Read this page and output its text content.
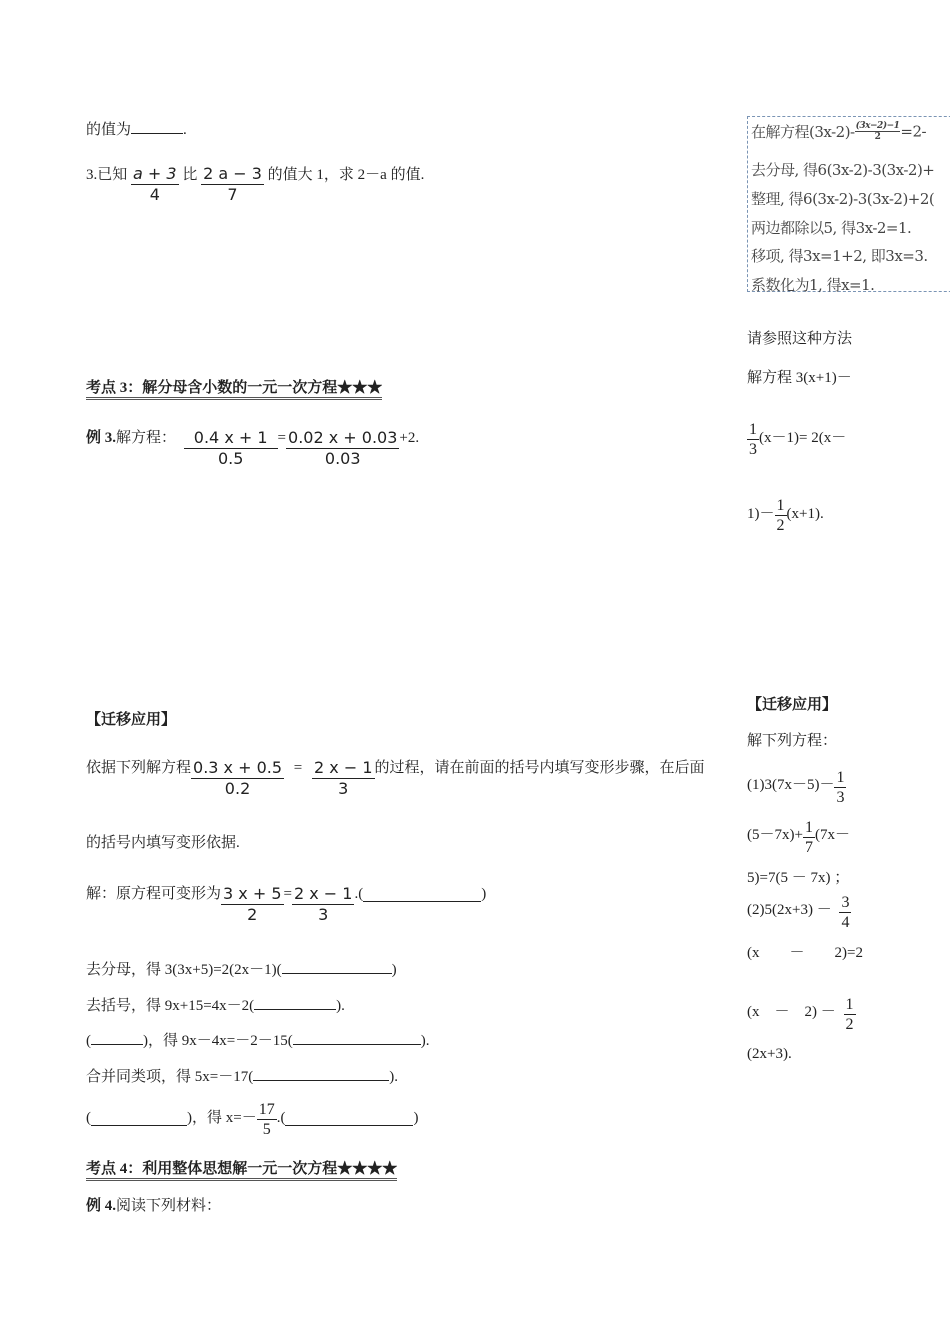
的值为	.
3.已知 $\frac{a + 3}{4}$ 比 $\frac{2 a - 3}{7}$ 的值大 1，求 2－a 的值.
考点 3：解分母含小数的一元一次方程★★★
例 3.解方程： $\frac{0.4 x + 1}{0.5} = \frac{0.02 x + 0.03}{0.03} +2$.
【迁移应用】
依据下列解方程 $\frac{0.3 x + 0.5}{0.2} = \frac{2 x - 1}{3}$ 的过程，请在前面的括号内填写变形步骤，在后面
的括号内填写变形依据.
解：原方程可变形为 $\frac{3 x + 5}{2} = \frac{2 x - 1}{3}$ .(	)
去分母，得 3(3x+5)=2(2x－1)(	)
去括号，得 9x+15=4x－2(	).
(	)，得 9x－4x=－2－15(	).
合并同类项，得 5x=－17(	).
(	)，得 $x=- \frac{17}{5}$ .(	)
考点 4：利用整体思想解一元一次方程★★★★
例 4.阅读下列材料：
在解方程$(3x-2)- \frac{(3x-2)-1}{2} =2-$
去分母, 得6(3x-2)-3(3x-2)+
整理, 得6(3x-2)-3(3x-2)+2(
两边都除以5, 得3x-2=1.
移项, 得3x=1+2, 即3x=3.
系数化为1, 得x=1.
请参照这种方法
解方程 3(x+1)－
$\frac{1}{3} (x-1)= 2(x-$
$1)- \frac{1}{2} (x+1)$.
【迁移应用】
解下列方程：
$(1)3(7x-5)- \frac{1}{3}$
$(5-7x)+ \frac{1}{7} (7x-$
5)=7(5 － 7x) ；
$(2)5(2x+3) - \frac{3}{4}$
(x　　－　　2)=2
(x　－　$2) - \frac{1}{2}$
(2x+3).
